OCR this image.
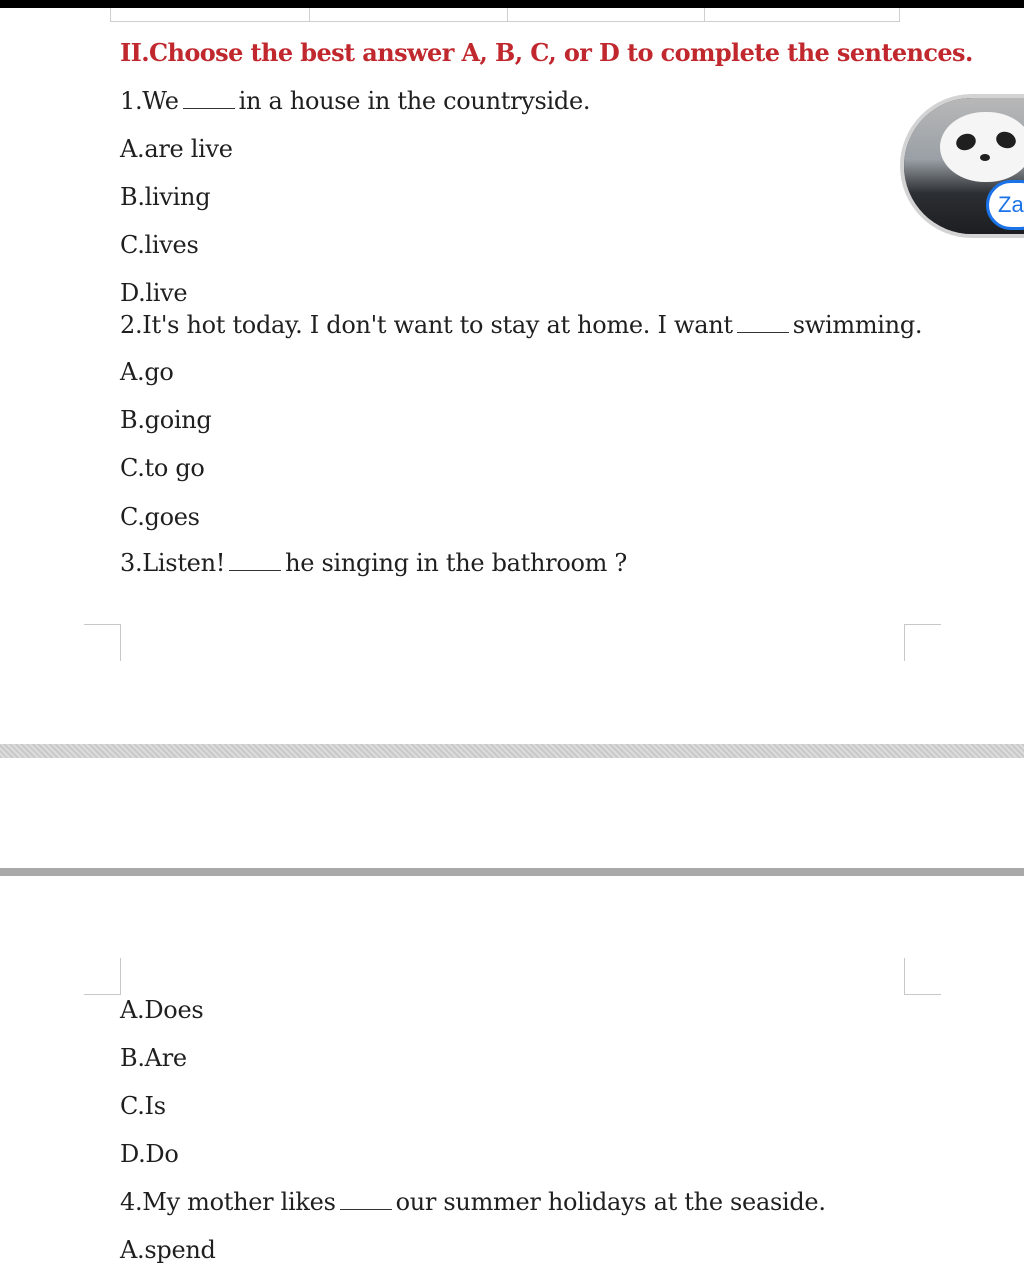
II.Choose the best answer A, B, C, or D to complete the sentences.
1.We	in a house in the countryside.
A.are live
B.living
C.lives
D.live
2.It's hot today. I don't want to stay at home. I want	swimming.
A.go
B.going
C.to go
C.goes
3.Listen!	he singing in the bathroom ?
A.Does
B.Are
C.Is
D.Do
4.My mother likes	our summer holidays at the seaside.
A.spend
Za
